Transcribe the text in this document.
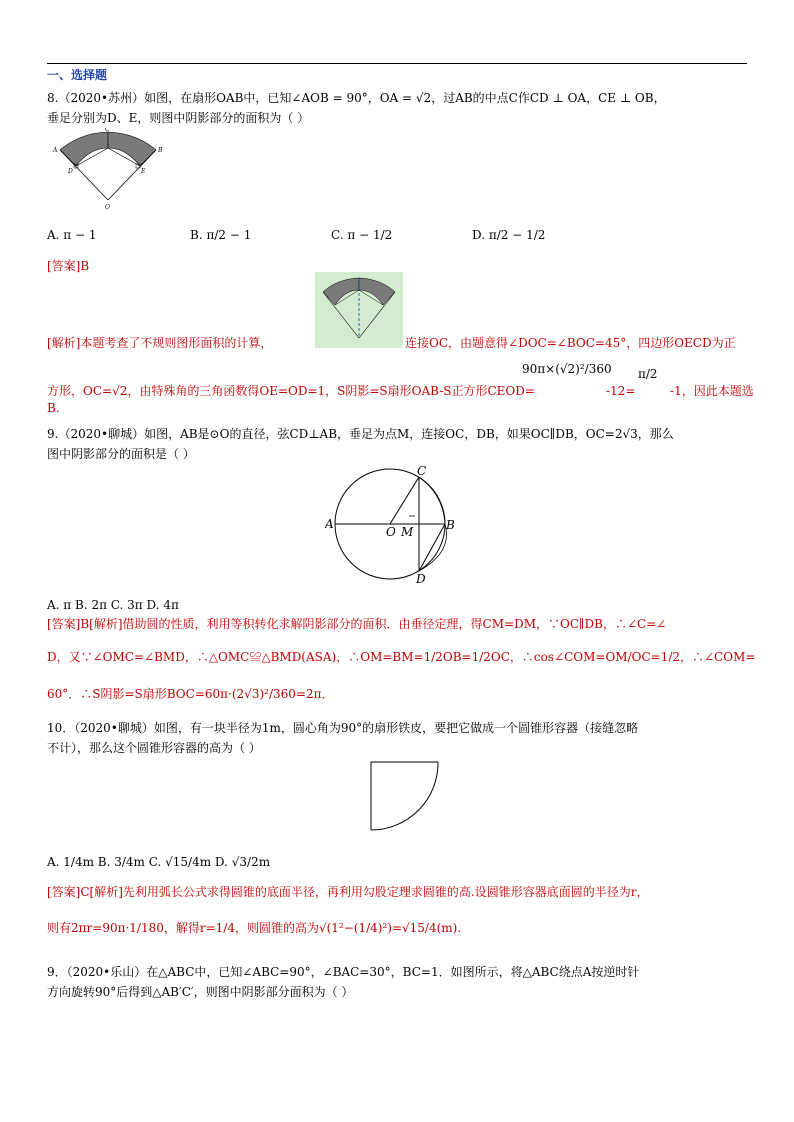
一、选择题
8.（2020•苏州）如图，在扇形OAB中，已知∠AOB = 90°，OA = √2，过AB的中点C作CD ⊥ OA，CE ⊥ OB，
垂足分别为D、E，则图中阴影部分的面积为（ ）
C
A	B
D	E
O
A. π − 1	B. π/2 − 1	C. π − 1/2	D. π/2 − 1/2
[答案]B
[解析]本题考查了不规则图形面积的计算，	连接OC，由题意得∠DOC=∠BOC=45°，四边形OECD为正
方形，OC=√2，由特殊角的三角函数得OE=OD=1，S阴影=S扇形OAB-S正方形CEOD=
90π×(√2)²/360
-12=
π/2
-1，因此本题选
B.
9.（2020•聊城）如图，AB是⊙O的直径，弦CD⊥AB，垂足为点M，连接OC，DB，如果OC∥DB，OC=2√3，那么
图中阴影部分的面积是（ ）
A	B
C
D
O M
A. π B. 2π C. 3π D. 4π
[答案]B[解析]借助圆的性质，利用等积转化求解阴影部分的面积．由垂径定理，得CM=DM，∵OC∥DB，∴∠C=∠
D，又∵∠OMC=∠BMD，∴△OMC≌△BMD(ASA)，∴OM=BM=1/2OB=1/2OC，∴cos∠COM=OM/OC=1/2，∴∠COM=
60°．∴S阴影=S扇形BOC=60π·(2√3)²/360=2π．
10．（2020•聊城）如图，有一块半径为1m，圆心角为90°的扇形铁皮，要把它做成一个圆锥形容器（接缝忽略
不计），那么这个圆锥形容器的高为（ ）
A. 1/4m B. 3/4m C. √15/4m D. √3/2m
[答案]C[解析]先利用弧长公式求得圆锥的底面半径，再利用勾股定理求圆锥的高.设圆锥形容器底面圆的半径为r，
则有2πr=90π·1/180，解得r=1/4，则圆锥的高为√(1²−(1/4)²)=√15/4(m).
9．（2020•乐山）在△ABC中，已知∠ABC=90°，∠BAC=30°，BC=1．如图所示，将△ABC绕点A按逆时针
方向旋转90°后得到△AB′C′，则图中阴影部分面积为（ ）
